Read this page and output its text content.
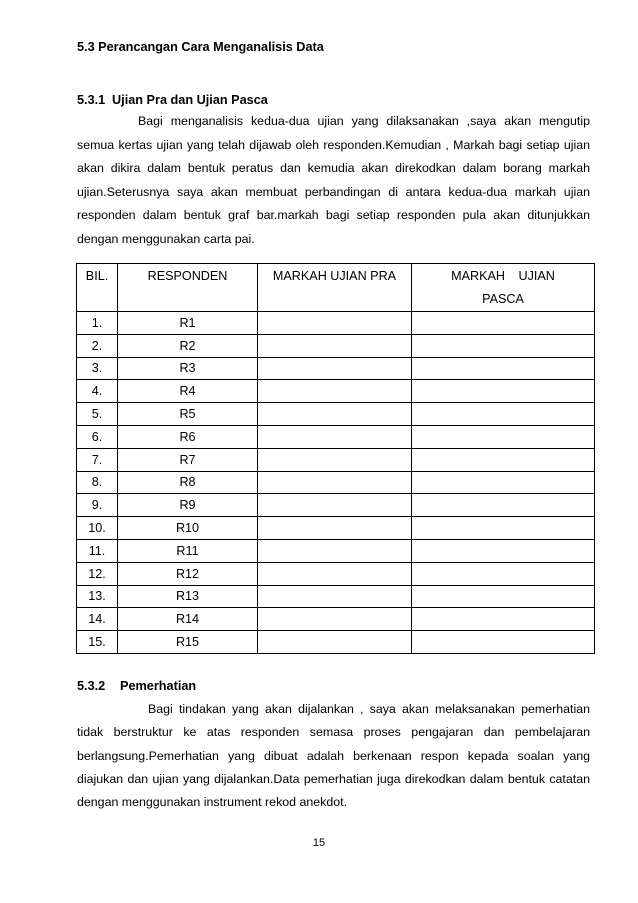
5.3 Perancangan Cara Menganalisis Data
5.3.1 Ujian Pra dan Ujian Pasca
Bagi menganalisis kedua-dua ujian yang dilaksanakan ,saya akan mengutip
semua kertas ujian yang telah dijawab oleh responden.Kemudian , Markah bagi setiap ujian
akan dikira dalam bentuk peratus dan kemudia akan direkodkan dalam borang markah
ujian.Seterusnya saya akan membuat perbandingan di antara kedua-dua markah ujian
responden dalam bentuk graf bar.markah bagi setiap responden pula akan ditunjukkan
dengan menggunakan carta pai.
BIL.	RESPONDEN	MARKAH UJIAN PRA	MARKAH UJIAN
PASCA

1.	R1		
2.	R2		
3.	R3		
4.	R4		
5.	R5		
6.	R6		
7.	R7		
8.	R8		
9.	R9		
10.	R10		
11.	R11		
12.	R12		
13.	R13		
14.	R14		
15.	R15		
5.3.2 Pemerhatian
Bagi tindakan yang akan dijalankan , saya akan melaksanakan pemerhatian
tidak berstruktur ke atas responden semasa proses pengajaran dan pembelajaran
berlangsung.Pemerhatian yang dibuat adalah berkenaan respon kepada soalan yang
diajukan dan ujian yang dijalankan.Data pemerhatian juga direkodkan dalam bentuk catatan
dengan menggunakan instrument rekod anekdot.
15
